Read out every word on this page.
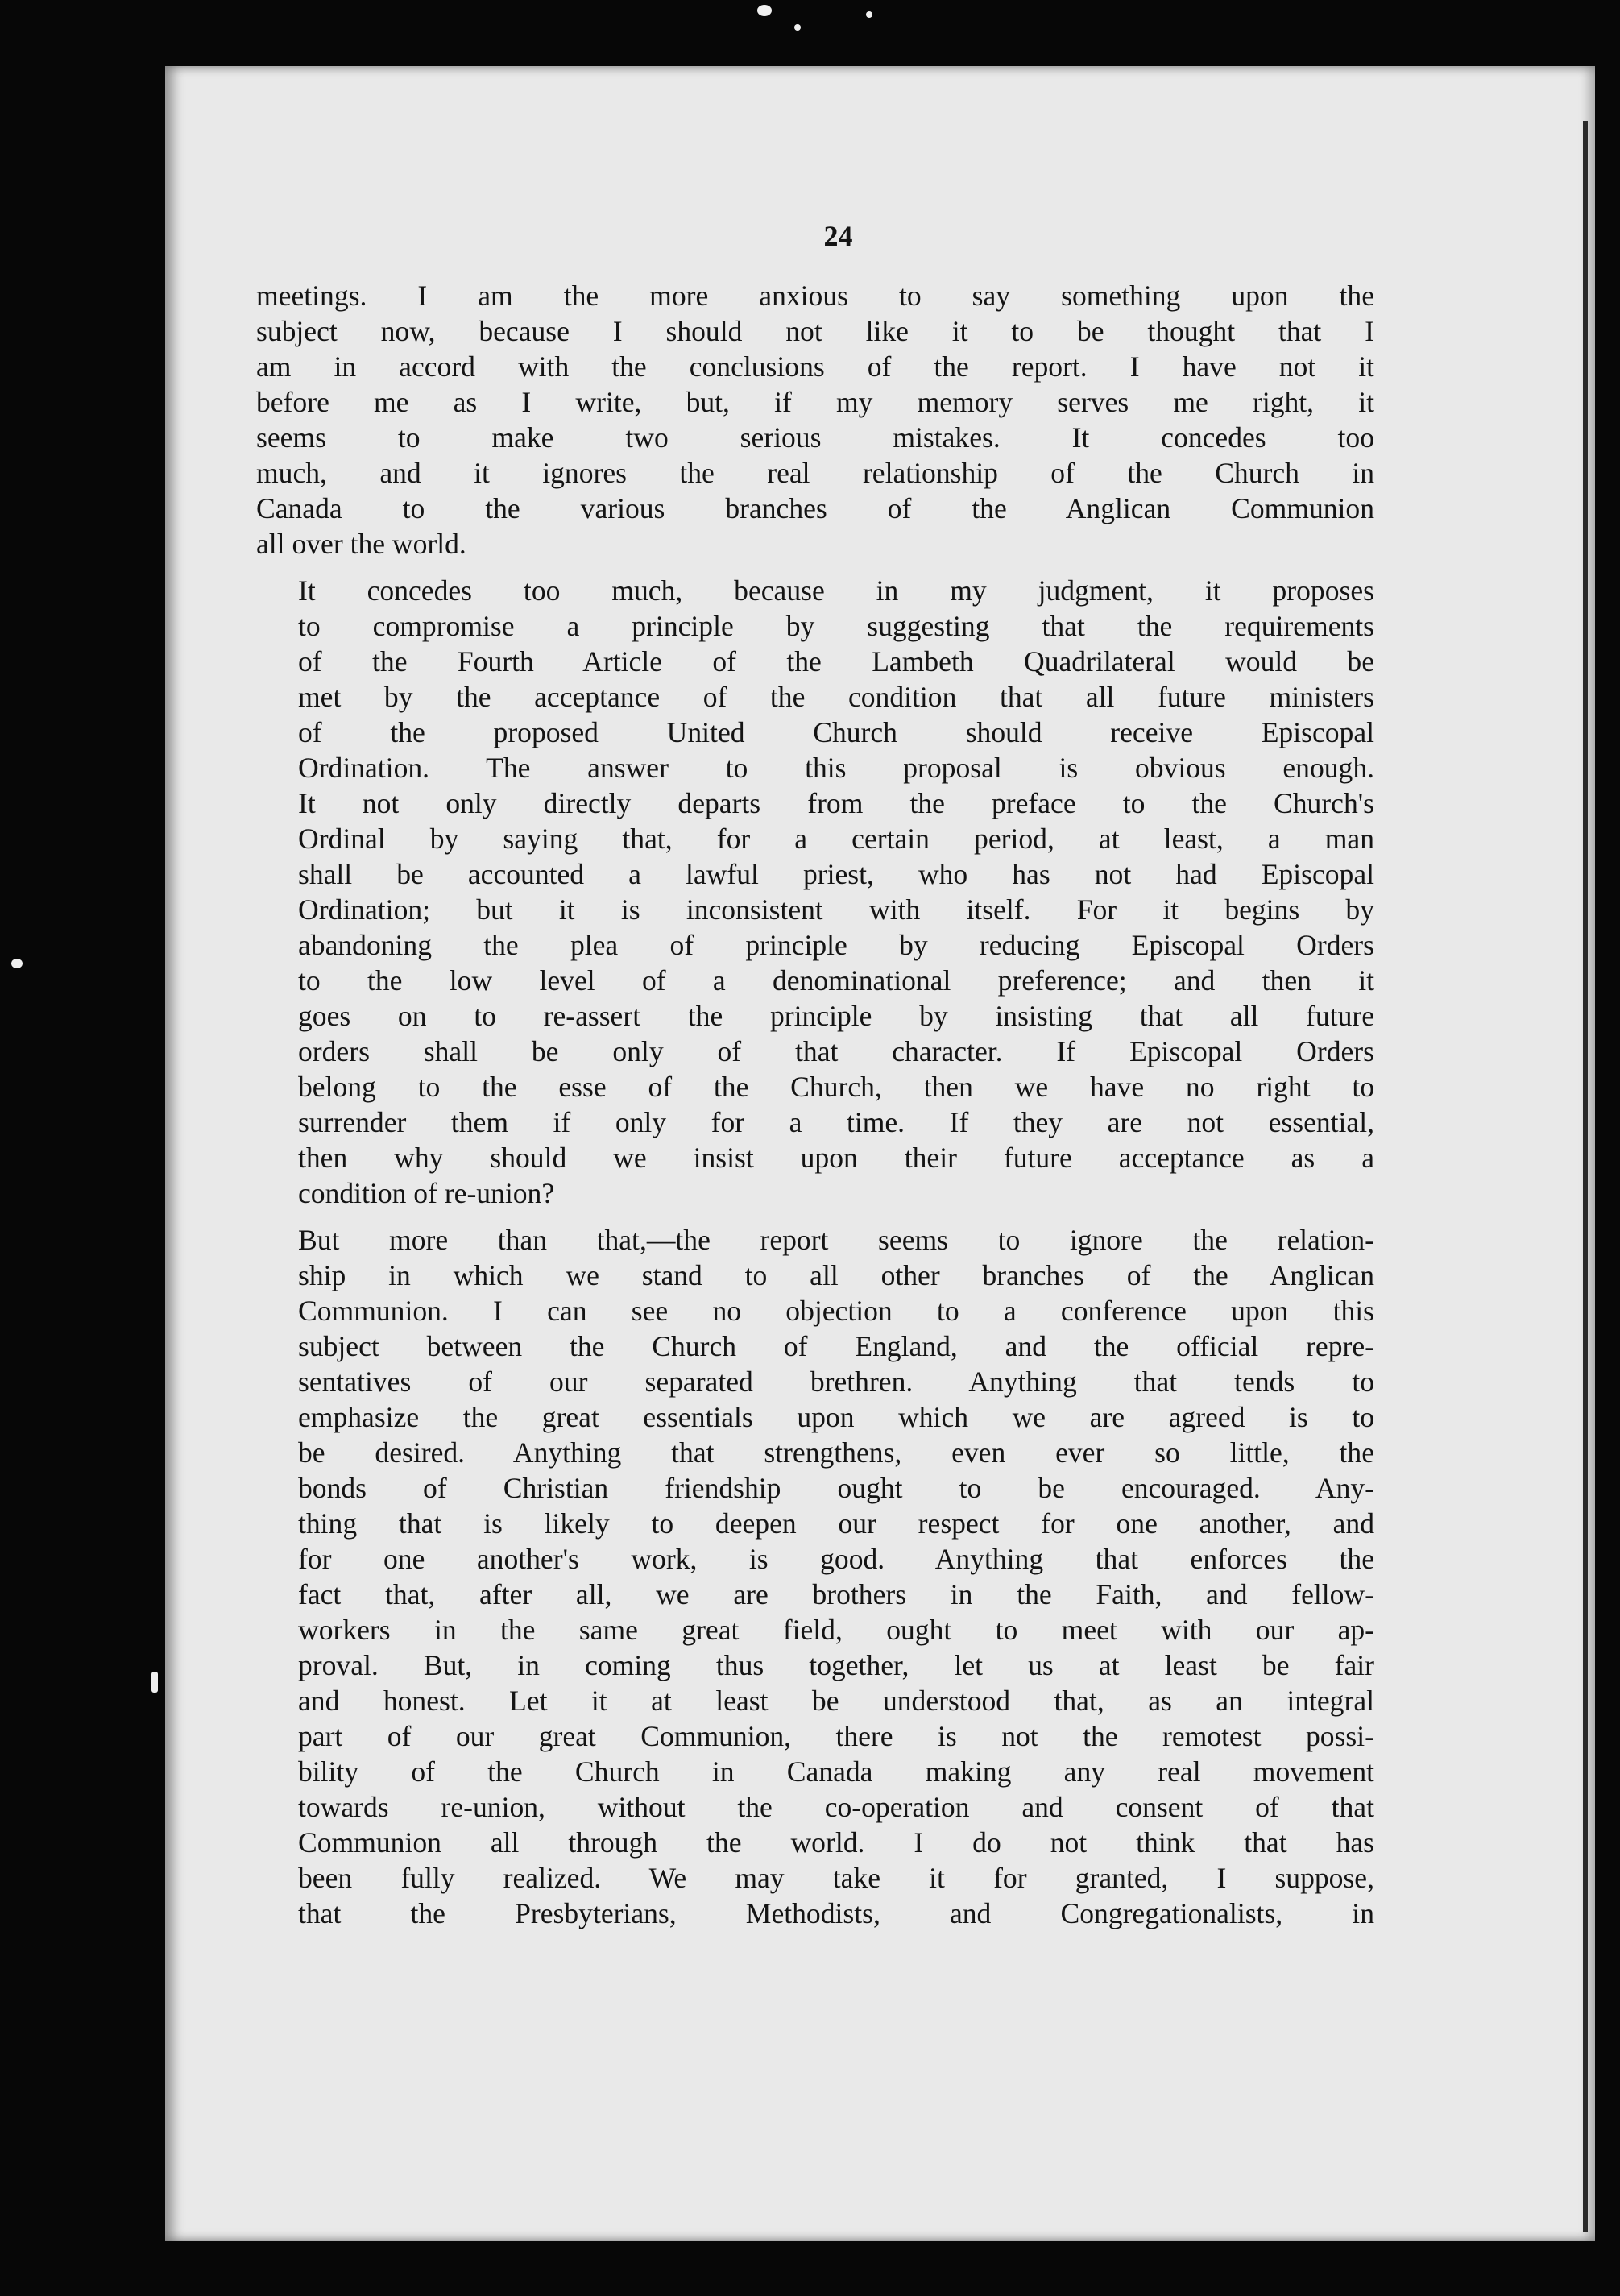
24

meetings. I am the more anxious to say something upon the
subject now, because I should not like it to be thought that I
am in accord with the conclusions of the report. I have not it
before me as I write, but, if my memory serves me right, it
seems to make two serious mistakes. It concedes too
much, and it ignores the real relationship of the Church in
Canada to the various branches of the Anglican Communion
all over the world.

It concedes too much, because in my judgment, it proposes
to compromise a principle by suggesting that the requirements
of the Fourth Article of the Lambeth Quadrilateral would be
met by the acceptance of the condition that all future ministers
of the proposed United Church should receive Episcopal
Ordination. The answer to this proposal is obvious enough.
It not only directly departs from the preface to the Church's
Ordinal by saying that, for a certain period, at least, a man
shall be accounted a lawful priest, who has not had Episcopal
Ordination; but it is inconsistent with itself. For it begins by
abandoning the plea of principle by reducing Episcopal Orders
to the low level of a denominational preference; and then it
goes on to re-assert the principle by insisting that all future
orders shall be only of that character. If Episcopal Orders
belong to the esse of the Church, then we have no right to
surrender them if only for a time. If they are not essential,
then why should we insist upon their future acceptance as a
condition of re-union?

But more than that,—the report seems to ignore the relation-
ship in which we stand to all other branches of the Anglican
Communion. I can see no objection to a conference upon this
subject between the Church of England, and the official repre-
sentatives of our separated brethren. Anything that tends to
emphasize the great essentials upon which we are agreed is to
be desired. Anything that strengthens, even ever so little, the
bonds of Christian friendship ought to be encouraged. Any-
thing that is likely to deepen our respect for one another, and
for one another's work, is good. Anything that enforces the
fact that, after all, we are brothers in the Faith, and fellow-
workers in the same great field, ought to meet with our ap-
proval. But, in coming thus together, let us at least be fair
and honest. Let it at least be understood that, as an integral
part of our great Communion, there is not the remotest possi-
bility of the Church in Canada making any real movement
towards re-union, without the co-operation and consent of that
Communion all through the world. I do not think that has
been fully realized. We may take it for granted, I suppose,
that the Presbyterians, Methodists, and Congregationalists, in
